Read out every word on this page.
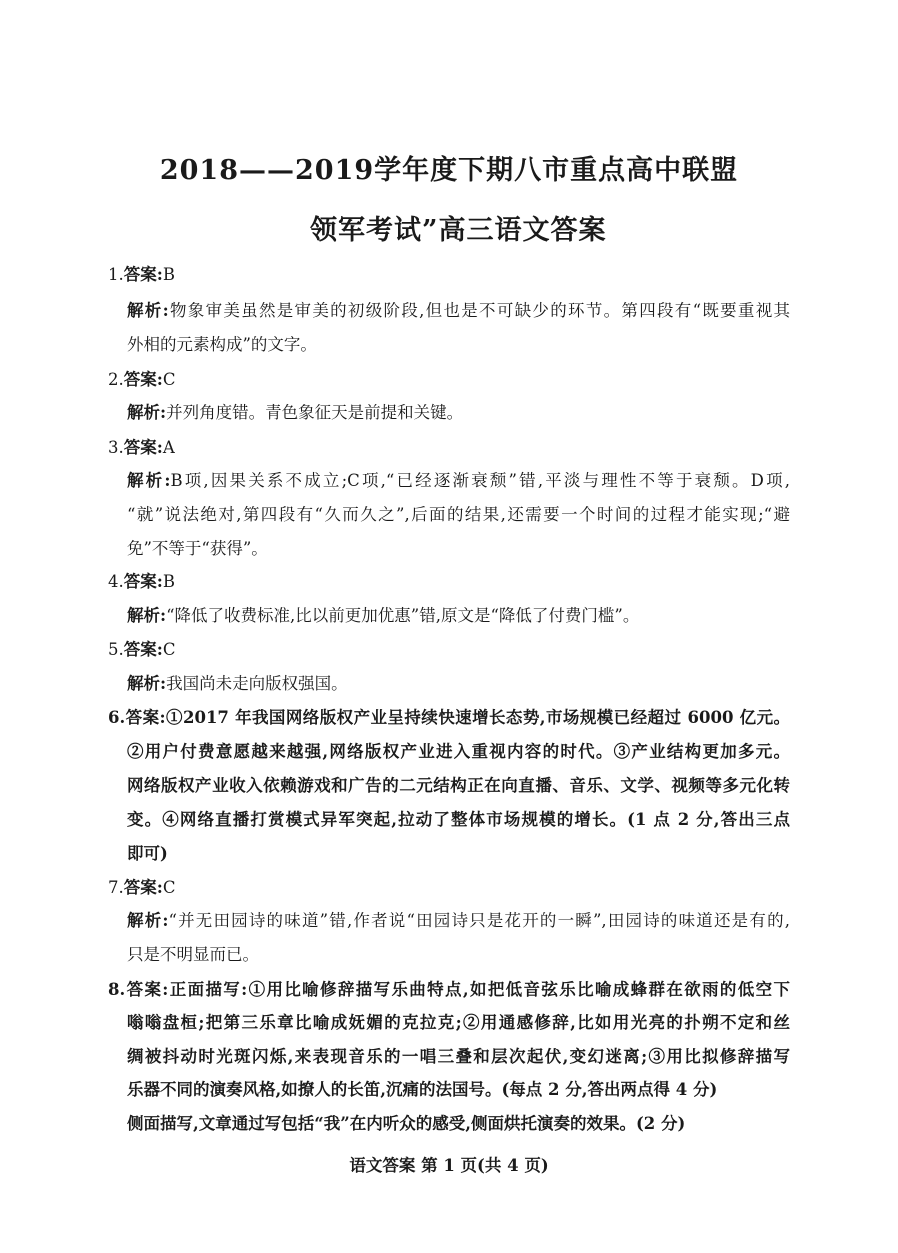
2018——2019学年度下期八市重点高中联盟
领军考试”高三语文答案
1.答案:B
解析:物象审美虽然是审美的初级阶段,但也是不可缺少的环节。第四段有“既要重视其
外相的元素构成”的文字。
2.答案:C
解析:并列角度错。青色象征天是前提和关键。
3.答案:A
解析:B项,因果关系不成立;C项,“已经逐渐衰颓”错,平淡与理性不等于衰颓。D项,
“就”说法绝对,第四段有“久而久之”,后面的结果,还需要一个时间的过程才能实现;“避
免”不等于“获得”。
4.答案:B
解析:“降低了收费标准,比以前更加优惠”错,原文是“降低了付费门槛”。
5.答案:C
解析:我国尚未走向版权强国。
6.答案:①2017 年我国网络版权产业呈持续快速增长态势,市场规模已经超过 6000 亿元。
②用户付费意愿越来越强,网络版权产业进入重视内容的时代。③产业结构更加多元。
网络版权产业收入依赖游戏和广告的二元结构正在向直播、音乐、文学、视频等多元化转
变。④网络直播打赏模式异军突起,拉动了整体市场规模的增长。(1 点 2 分,答出三点
即可)
7.答案:C
解析:“并无田园诗的味道”错,作者说“田园诗只是花开的一瞬”,田园诗的味道还是有的,
只是不明显而已。
8.答案:正面描写:①用比喻修辞描写乐曲特点,如把低音弦乐比喻成蜂群在欲雨的低空下
嗡嗡盘桓;把第三乐章比喻成妩媚的克拉克;②用通感修辞,比如用光亮的扑朔不定和丝
绸被抖动时光斑闪烁,来表现音乐的一唱三叠和层次起伏,变幻迷离;③用比拟修辞描写
乐器不同的演奏风格,如撩人的长笛,沉痛的法国号。(每点 2 分,答出两点得 4 分)
侧面描写,文章通过写包括“我”在内听众的感受,侧面烘托演奏的效果。(2 分)
语文答案 第 1 页(共 4 页)
